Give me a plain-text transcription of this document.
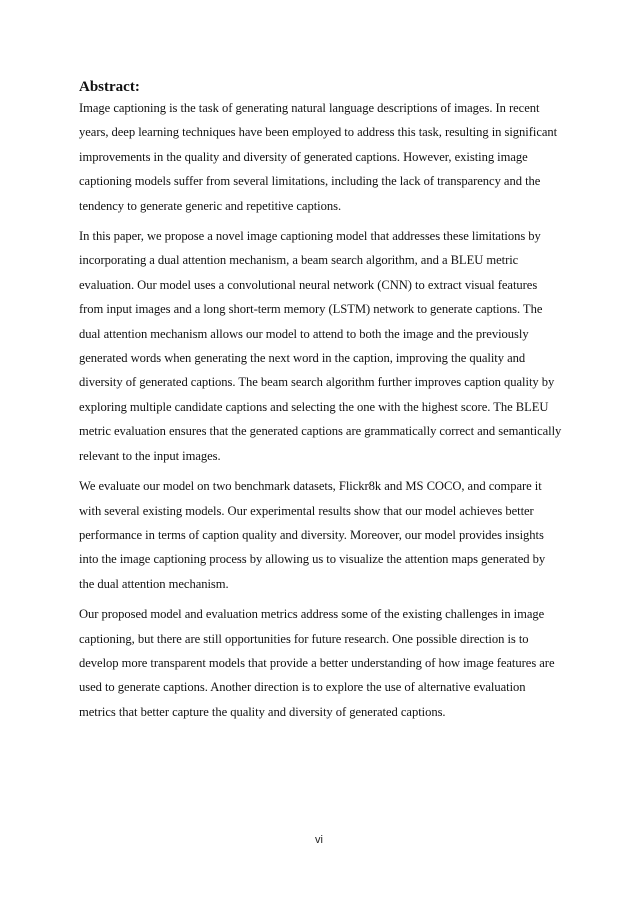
Abstract:

Image captioning is the task of generating natural language descriptions of images. In recent years, deep learning techniques have been employed to address this task, resulting in significant improvements in the quality and diversity of generated captions. However, existing image captioning models suffer from several limitations, including the lack of transparency and the tendency to generate generic and repetitive captions.

In this paper, we propose a novel image captioning model that addresses these limitations by incorporating a dual attention mechanism, a beam search algorithm, and a BLEU metric evaluation. Our model uses a convolutional neural network (CNN) to extract visual features from input images and a long short-term memory (LSTM) network to generate captions. The dual attention mechanism allows our model to attend to both the image and the previously generated words when generating the next word in the caption, improving the quality and diversity of generated captions. The beam search algorithm further improves caption quality by exploring multiple candidate captions and selecting the one with the highest score. The BLEU metric evaluation ensures that the generated captions are grammatically correct and semantically relevant to the input images.

We evaluate our model on two benchmark datasets, Flickr8k and MS COCO, and compare it with several existing models. Our experimental results show that our model achieves better performance in terms of caption quality and diversity. Moreover, our model provides insights into the image captioning process by allowing us to visualize the attention maps generated by the dual attention mechanism.

Our proposed model and evaluation metrics address some of the existing challenges in image captioning, but there are still opportunities for future research. One possible direction is to develop more transparent models that provide a better understanding of how image features are used to generate captions. Another direction is to explore the use of alternative evaluation metrics that better capture the quality and diversity of generated captions.

vi
